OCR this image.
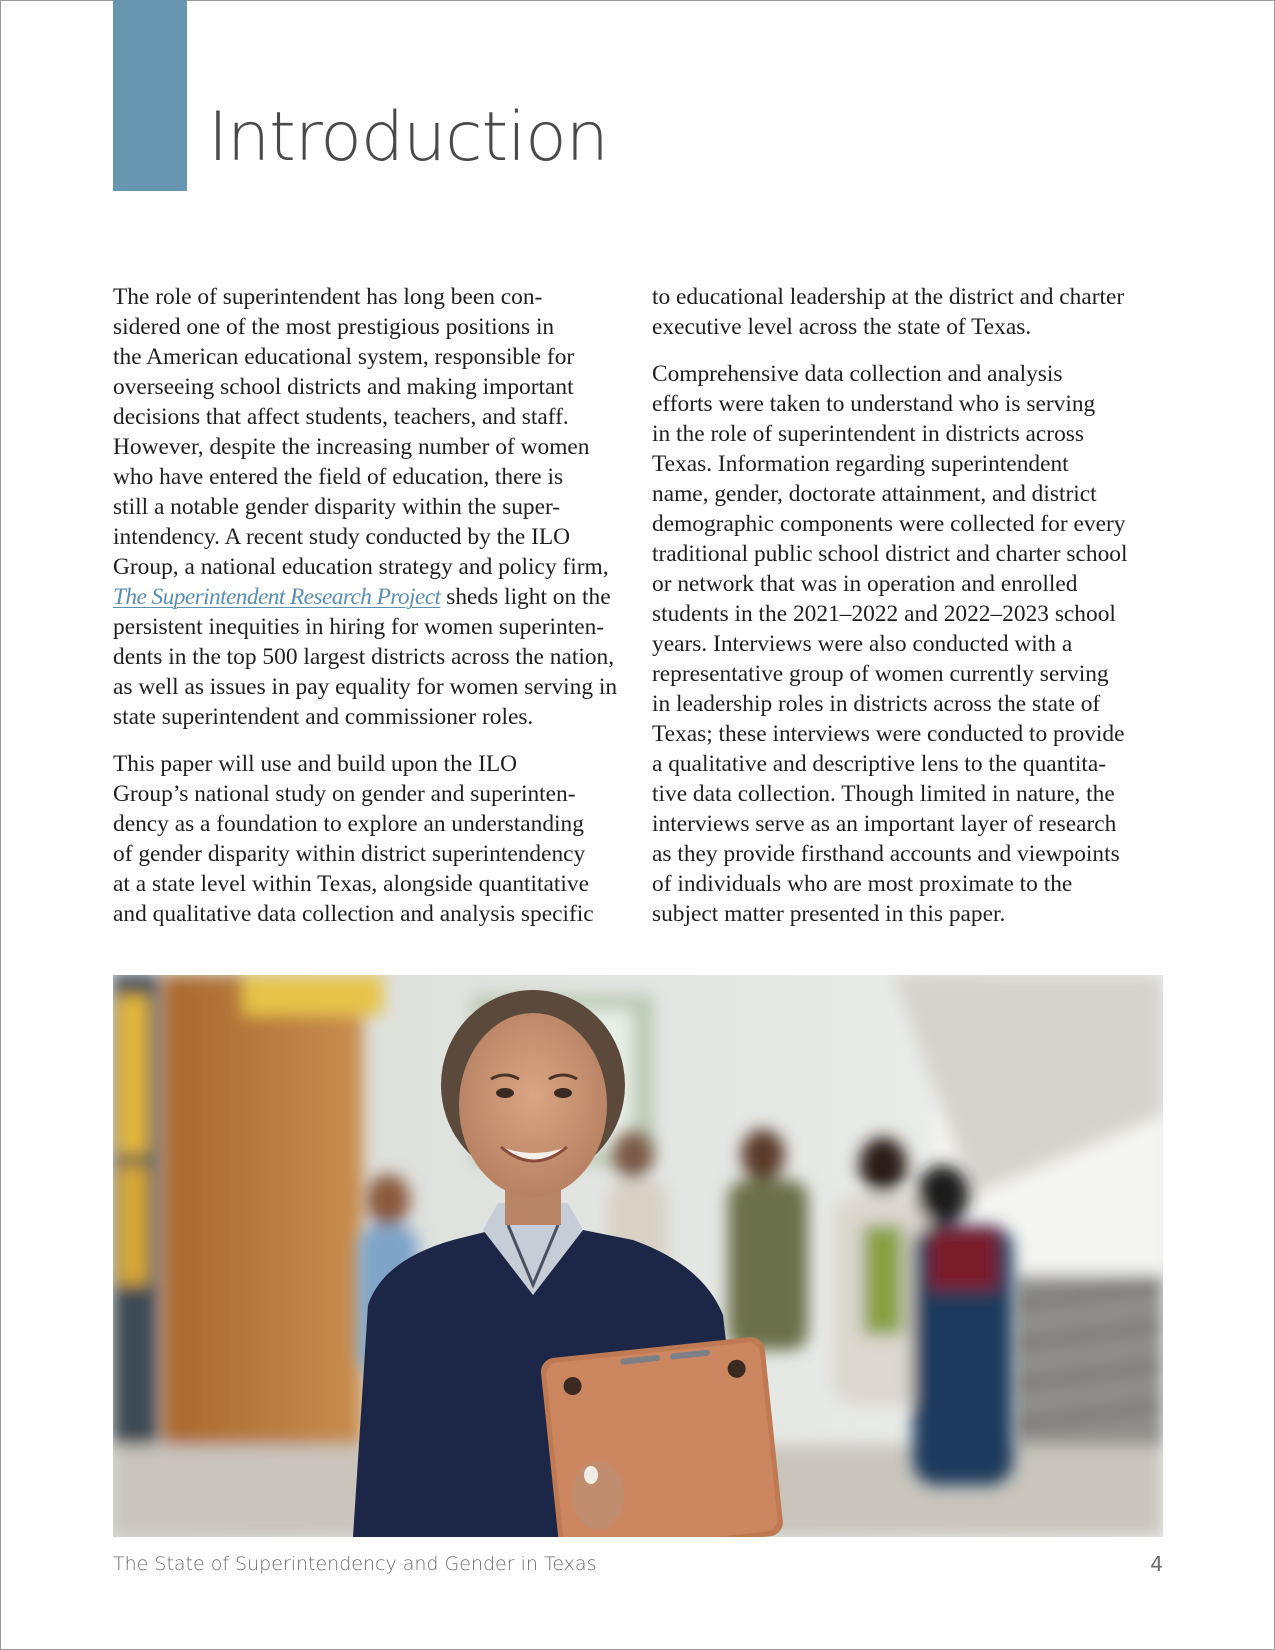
Introduction
The role of superintendent has long been con-
sidered one of the most prestigious positions in
the American educational system, responsible for
overseeing school districts and making important
decisions that affect students, teachers, and staff.
However, despite the increasing number of women
who have entered the field of education, there is
still a notable gender disparity within the super-
intendency. A recent study conducted by the ILO
Group, a national education strategy and policy firm,
The Superintendent Research Project sheds light on the
persistent inequities in hiring for women superinten-
dents in the top 500 largest districts across the nation,
as well as issues in pay equality for women serving in
state superintendent and commissioner roles.
This paper will use and build upon the ILO
Group’s national study on gender and superinten-
dency as a foundation to explore an understanding
of gender disparity within district superintendency
at a state level within Texas, alongside quantitative
and qualitative data collection and analysis specific
to educational leadership at the district and charter
executive level across the state of Texas.
Comprehensive data collection and analysis
efforts were taken to understand who is serving
in the role of superintendent in districts across
Texas. Information regarding superintendent
name, gender, doctorate attainment, and district
demographic components were collected for every
traditional public school district and charter school
or network that was in operation and enrolled
students in the 2021–2022 and 2022–2023 school
years. Interviews were also conducted with a
representative group of women currently serving
in leadership roles in districts across the state of
Texas; these interviews were conducted to provide
a qualitative and descriptive lens to the quantita-
tive data collection. Though limited in nature, the
interviews serve as an important layer of research
as they provide firsthand accounts and viewpoints
of individuals who are most proximate to the
subject matter presented in this paper.
The State of Superintendency and Gender in Texas	4
